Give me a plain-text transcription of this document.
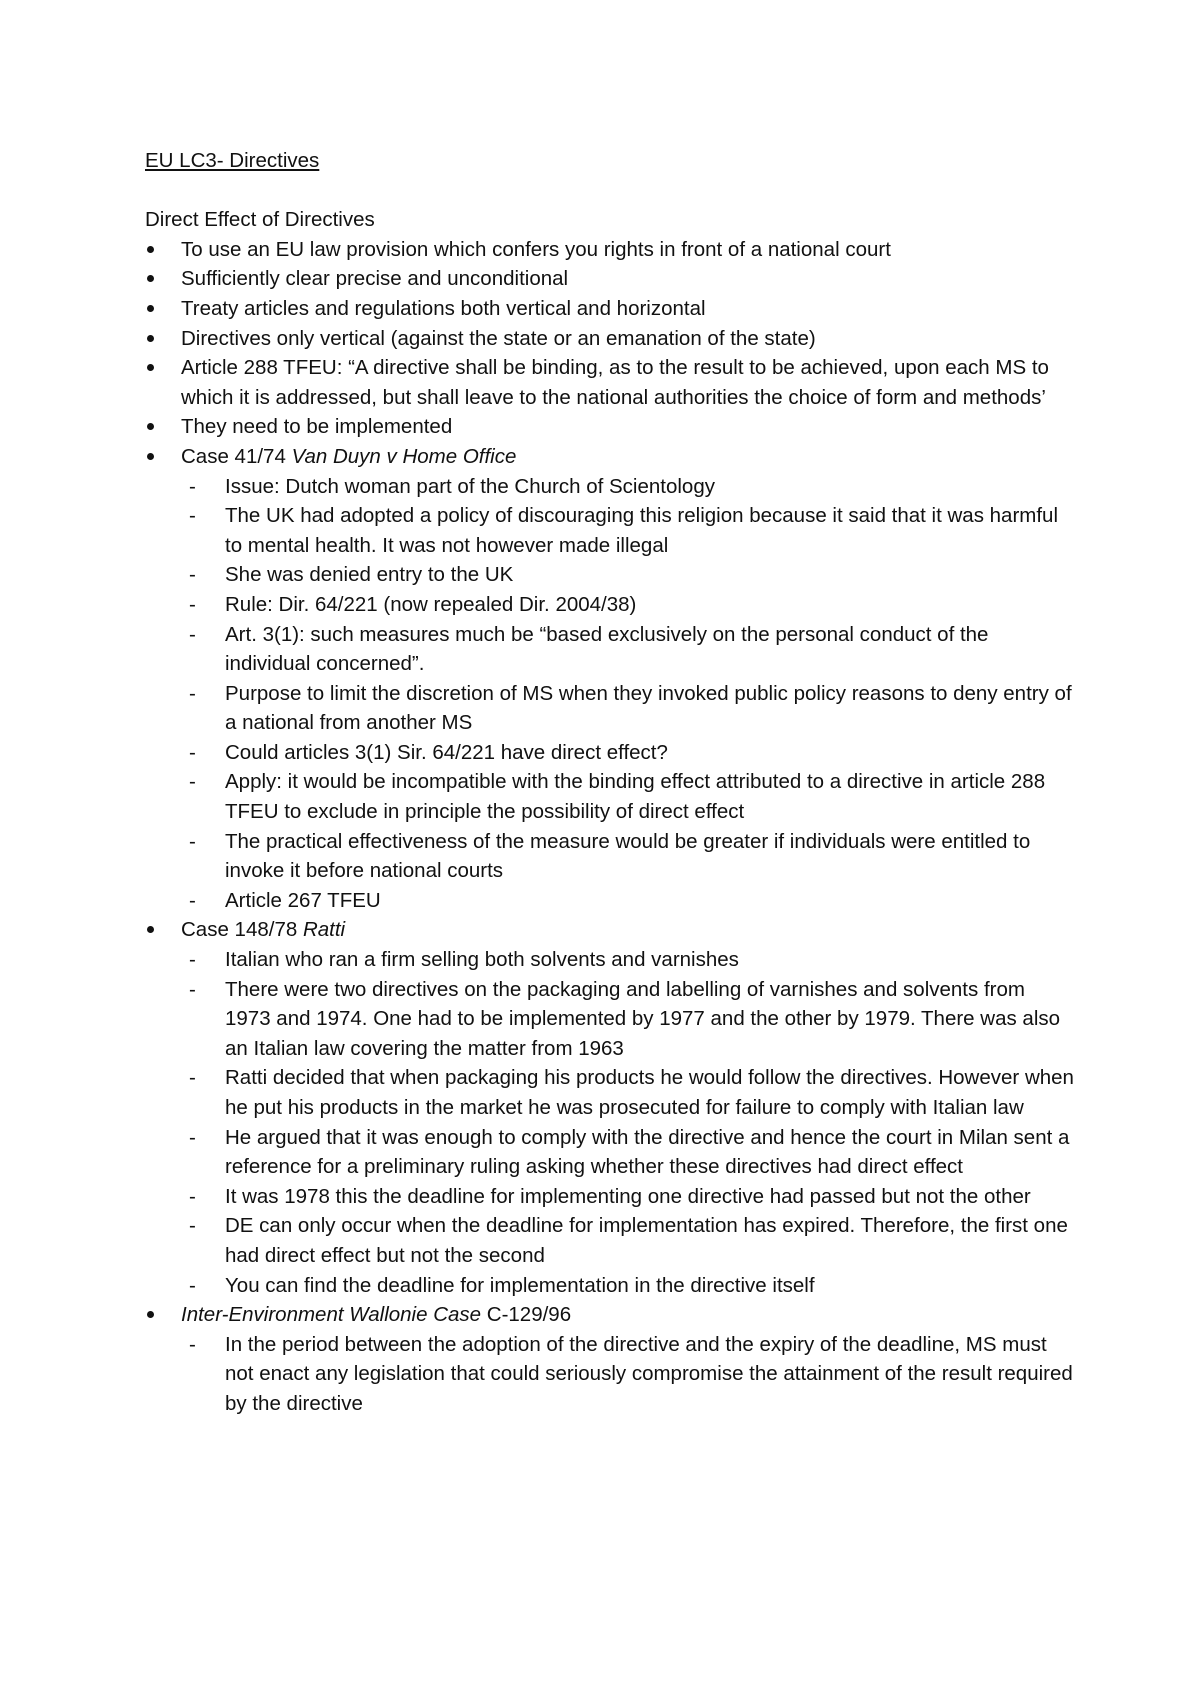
EU LC3- Directives
Direct Effect of Directives
To use an EU law provision which confers you rights in front of a national court
Sufficiently clear precise and unconditional
Treaty articles and regulations both vertical and horizontal
Directives only vertical (against the state or an emanation of the state)
Article 288 TFEU: “A directive shall be binding, as to the result to be achieved, upon each MS to which it is addressed, but shall leave to the national authorities the choice of form and methods’
They need to be implemented
Case 41/74 Van Duyn v Home Office
- Issue: Dutch woman part of the Church of Scientology
- The UK had adopted a policy of discouraging this religion because it said that it was harmful to mental health. It was not however made illegal
- She was denied entry to the UK
- Rule: Dir. 64/221 (now repealed Dir. 2004/38)
- Art. 3(1): such measures much be “based exclusively on the personal conduct of the individual concerned”.
- Purpose to limit the discretion of MS when they invoked public policy reasons to deny entry of a national from another MS
- Could articles 3(1) Sir. 64/221 have direct effect?
- Apply: it would be incompatible with the binding effect attributed to a directive in article 288 TFEU to exclude in principle the possibility of direct effect
- The practical effectiveness of the measure would be greater if individuals were entitled to invoke it before national courts
- Article 267 TFEU
Case 148/78 Ratti
- Italian who ran a firm selling both solvents and varnishes
- There were two directives on the packaging and labelling of varnishes and solvents from 1973 and 1974. One had to be implemented by 1977 and the other by 1979. There was also an Italian law covering the matter from 1963
- Ratti decided that when packaging his products he would follow the directives. However when he put his products in the market he was prosecuted for failure to comply with Italian law
- He argued that it was enough to comply with the directive and hence the court in Milan sent a reference for a preliminary ruling asking whether these directives had direct effect
- It was 1978 this the deadline for implementing one directive had passed but not the other
- DE can only occur when the deadline for implementation has expired. Therefore, the first one had direct effect but not the second
- You can find the deadline for implementation in the directive itself
Inter-Environment Wallonie Case C-129/96
- In the period between the adoption of the directive and the expiry of the deadline, MS must not enact any legislation that could seriously compromise the attainment of the result required by the directive
